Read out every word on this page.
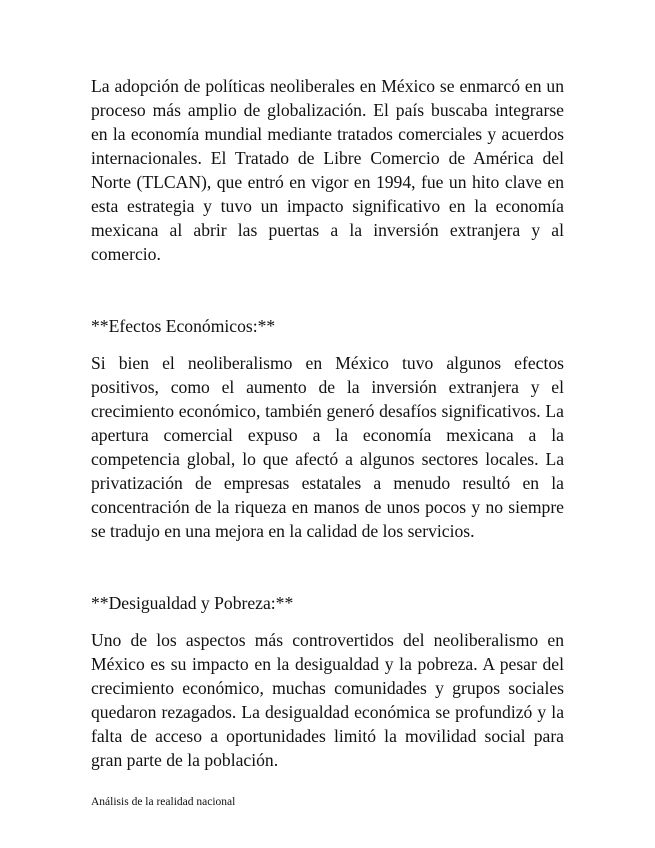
La adopción de políticas neoliberales en México se enmarcó en un proceso más amplio de globalización. El país buscaba integrarse en la economía mundial mediante tratados comerciales y acuerdos internacionales. El Tratado de Libre Comercio de América del Norte (TLCAN), que entró en vigor en 1994, fue un hito clave en esta estrategia y tuvo un impacto significativo en la economía mexicana al abrir las puertas a la inversión extranjera y al comercio.

**Efectos Económicos:**

Si bien el neoliberalismo en México tuvo algunos efectos positivos, como el aumento de la inversión extranjera y el crecimiento económico, también generó desafíos significativos. La apertura comercial expuso a la economía mexicana a la competencia global, lo que afectó a algunos sectores locales. La privatización de empresas estatales a menudo resultó en la concentración de la riqueza en manos de unos pocos y no siempre se tradujo en una mejora en la calidad de los servicios.

**Desigualdad y Pobreza:**

Uno de los aspectos más controvertidos del neoliberalismo en México es su impacto en la desigualdad y la pobreza. A pesar del crecimiento económico, muchas comunidades y grupos sociales quedaron rezagados. La desigualdad económica se profundizó y la falta de acceso a oportunidades limitó la movilidad social para gran parte de la población.

Análisis de la realidad nacional
